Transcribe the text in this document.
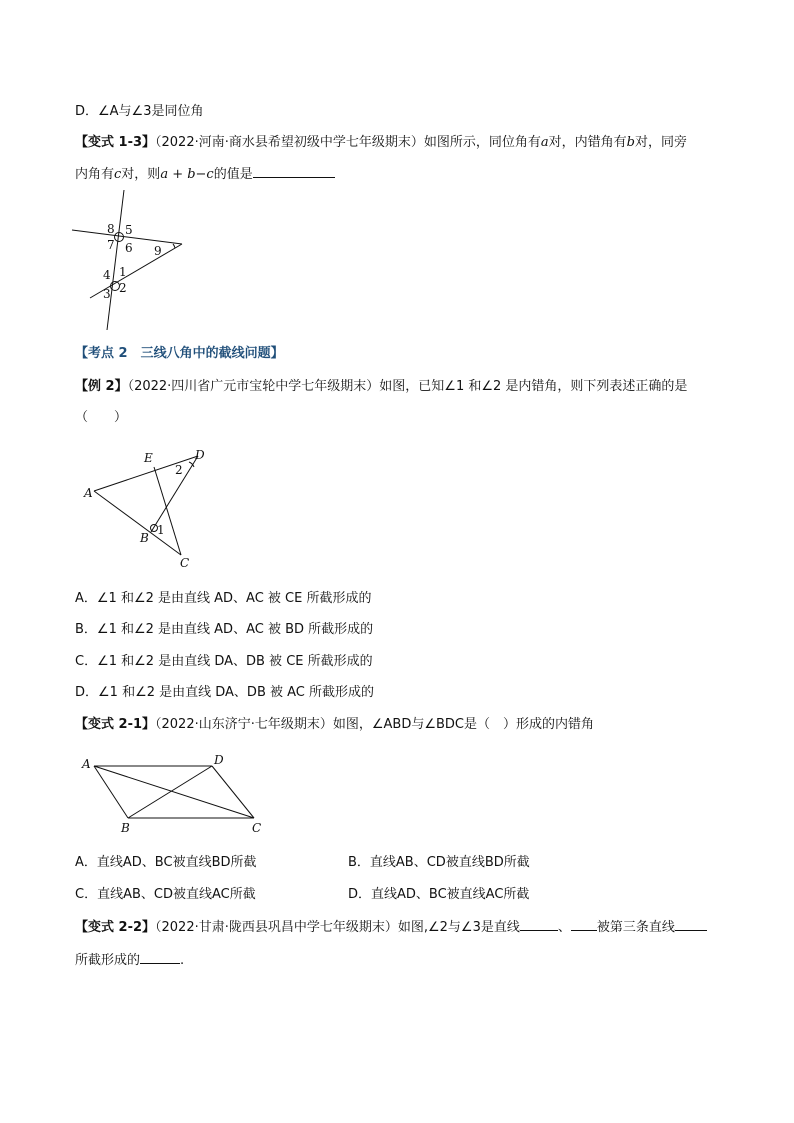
D．∠A与∠3是同位角
【变式 1-3】（2022·河南·商水县希望初级中学七年级期末）如图所示，同位角有a对，内错角有b对，同旁
内角有c对，则a + b−c的值是
8 5
7 6 9
4 1
2
3
【考点 2　三线八角中的截线问题】
【例 2】（2022·四川省广元市宝轮中学七年级期末）如图，已知∠1 和∠2 是内错角，则下列表述正确的是
（　　）
E	D
2
A
1
B
C
A．∠1 和∠2 是由直线 AD、AC 被 CE 所截形成的
B．∠1 和∠2 是由直线 AD、AC 被 BD 所截形成的
C．∠1 和∠2 是由直线 DA、DB 被 CE 所截形成的
D．∠1 和∠2 是由直线 DA、DB 被 AC 所截形成的
【变式 2-1】（2022·山东济宁·七年级期末）如图，∠ABD与∠BDC是（　）形成的内错角
A	D
B	C
A．直线AD、BC被直线BD所截	B．直线AB、CD被直线BD所截
C．直线AB、CD被直线AC所截	D．直线AD、BC被直线AC所截
【变式 2-2】（2022·甘肃·陇西县巩昌中学七年级期末）如图,∠2与∠3是直线	、 被第三条直线
所截形成的	.
